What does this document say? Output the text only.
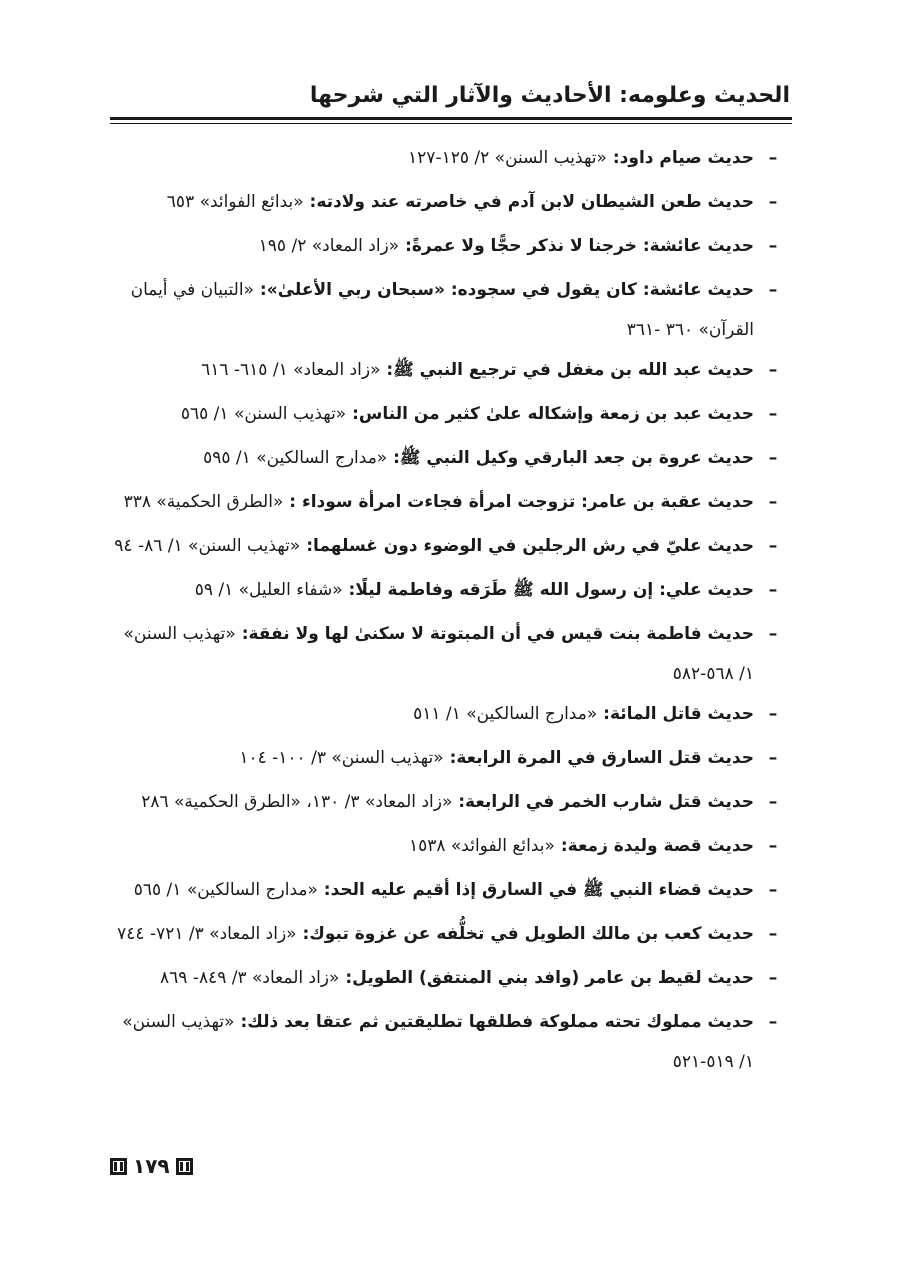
الحديث وعلومه: الأحاديث والآثار التي شرحها
–
حديث صيام داود: «تهذيب السنن» ٢/ ١٢٥-١٢٧
–
حديث طعن الشيطان لابن آدم في خاصرته عند ولادته: «بدائع الفوائد» ٦٥٣
–
حديث عائشة: خرجنا لا نذكر حجًّا ولا عمرةً: «زاد المعاد» ٢/ ١٩٥
–
حديث عائشة: كان يقول في سجوده: «سبحان ربي الأعلىٰ»: «التبيان في أيمان القرآن» ٣٦٠ -٣٦١
–
حديث عبد الله بن مغفل في ترجيع النبي ﷺ: «زاد المعاد» ١/ ٦١٥- ٦١٦
–
حديث عبد بن زمعة وإشكاله علىٰ كثير من الناس: «تهذيب السنن» ١/ ٥٦٥
–
حديث عروة بن جعد البارقي وكيل النبي ﷺ: «مدارج السالكين» ١/ ٥٩٥
–
حديث عقبة بن عامر: تزوجت امرأة فجاءت امرأة سوداء : «الطرق الحكمية» ٣٣٨
–
حديث عليّ في رش الرجلين في الوضوء دون غسلهما: «تهذيب السنن» ١/ ٨٦- ٩٤
–
حديث علي: إن رسول الله ﷺ طَرَقه وفاطمة ليلًا: «شفاء العليل» ١/ ٥٩
–
حديث فاطمة بنت قيس في أن المبتوتة لا سكنىٰ لها ولا نفقة: «تهذيب السنن» ١/ ٥٦٨-٥٨٢
–
حديث قاتل المائة: «مدارج السالكين» ١/ ٥١١
–
حديث قتل السارق في المرة الرابعة: «تهذيب السنن» ٣/ ١٠٠- ١٠٤
–
حديث قتل شارب الخمر في الرابعة: «زاد المعاد» ٣/ ١٣٠، «الطرق الحكمية» ٢٨٦
–
حديث قصة وليدة زمعة: «بدائع الفوائد» ١٥٣٨
–
حديث قضاء النبي ﷺ في السارق إذا أقيم عليه الحد: «مدارج السالكين» ١/ ٥٦٥
–
حديث كعب بن مالك الطويل في تخلُّفه عن غزوة تبوك: «زاد المعاد» ٣/ ٧٢١- ٧٤٤
–
حديث لقيط بن عامر (وافد بني المنتفق) الطويل: «زاد المعاد» ٣/ ٨٤٩- ٨٦٩
–
حديث مملوك تحته مملوكة فطلقها تطليقتين ثم عتقا بعد ذلك: «تهذيب السنن» ١/ ٥١٩-٥٢١
١٧٩
